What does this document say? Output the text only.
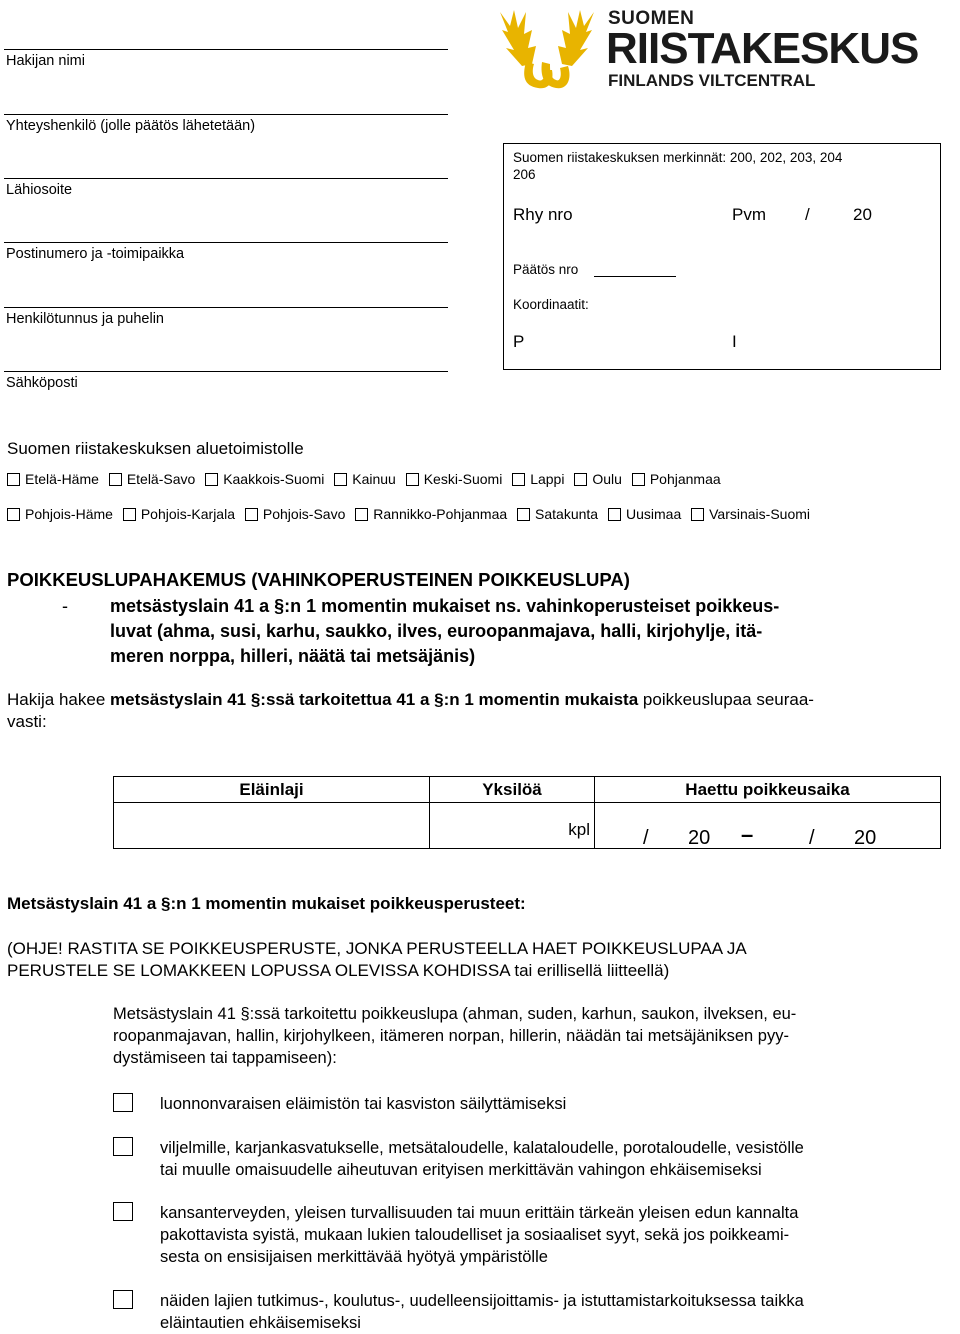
Hakijan nimi
Yhteyshenkilö (jolle päätös lähetetään)
Lähiosoite
Postinumero ja -toimipaikka
Henkilötunnus ja puhelin
Sähköposti
SUOMEN
RIISTAKESKUS
FINLANDS VILTCENTRAL
Suomen riistakeskuksen merkinnät: 200, 202, 203, 204
206
Rhy nro	Pvm /	20
Päätös nro
Koordinaatit:
P	I
Suomen riistakeskuksen aluetoimistolle
Etelä-Häme Etelä-Savo Kaakkois-Suomi Kainuu Keski-Suomi Lappi Oulu Pohjanmaa
Pohjois-Häme Pohjois-Karjala Pohjois-Savo Rannikko-Pohjanmaa Satakunta Uusimaa Varsinais-Suomi
POIKKEUSLUPAHAKEMUS (VAHINKOPERUSTEINEN POIKKEUSLUPA)
- metsästyslain 41 a §:n 1 momentin mukaiset ns. vahinkoperusteiset poikkeus-
luvat (ahma, susi, karhu, saukko, ilves, euroopanmajava, halli, kirjohylje, itä-
meren norppa, hilleri, näätä tai metsäjänis)
Hakija hakee metsästyslain 41 §:ssä tarkoitettua 41 a §:n 1 momentin mukaista poikkeuslupaa seuraa-
vasti:
Eläinlaji	Yksilöä	Haettu poikkeusaika
	kpl	/ 20 – / 20
Metsästyslain 41 a §:n 1 momentin mukaiset poikkeusperusteet:
(OHJE! RASTITA SE POIKKEUSPERUSTE, JONKA PERUSTEELLA HAET POIKKEUSLUPAA JA
PERUSTELE SE LOMAKKEEN LOPUSSA OLEVISSA KOHDISSA tai erillisellä liitteellä)
Metsästyslain 41 §:ssä tarkoitettu poikkeuslupa (ahman, suden, karhun, saukon, ilveksen, eu-
roopanmajavan, hallin, kirjohylkeen, itämeren norpan, hillerin, näädän tai metsäjäniksen pyy-
dystämiseen tai tappamiseen):
luonnonvaraisen eläimistön tai kasviston säilyttämiseksi
viljelmille, karjankasvatukselle, metsätaloudelle, kalataloudelle, porotaloudelle, vesistölle
tai muulle omaisuudelle aiheutuvan erityisen merkittävän vahingon ehkäisemiseksi
kansanterveyden, yleisen turvallisuuden tai muun erittäin tärkeän yleisen edun kannalta
pakottavista syistä, mukaan lukien taloudelliset ja sosiaaliset syyt, sekä jos poikkeami-
sesta on ensisijaisen merkittävää hyötyä ympäristölle
näiden lajien tutkimus-, koulutus-, uudelleensijoittamis- ja istuttamistarkoituksessa taikka
eläintautien ehkäisemiseksi
